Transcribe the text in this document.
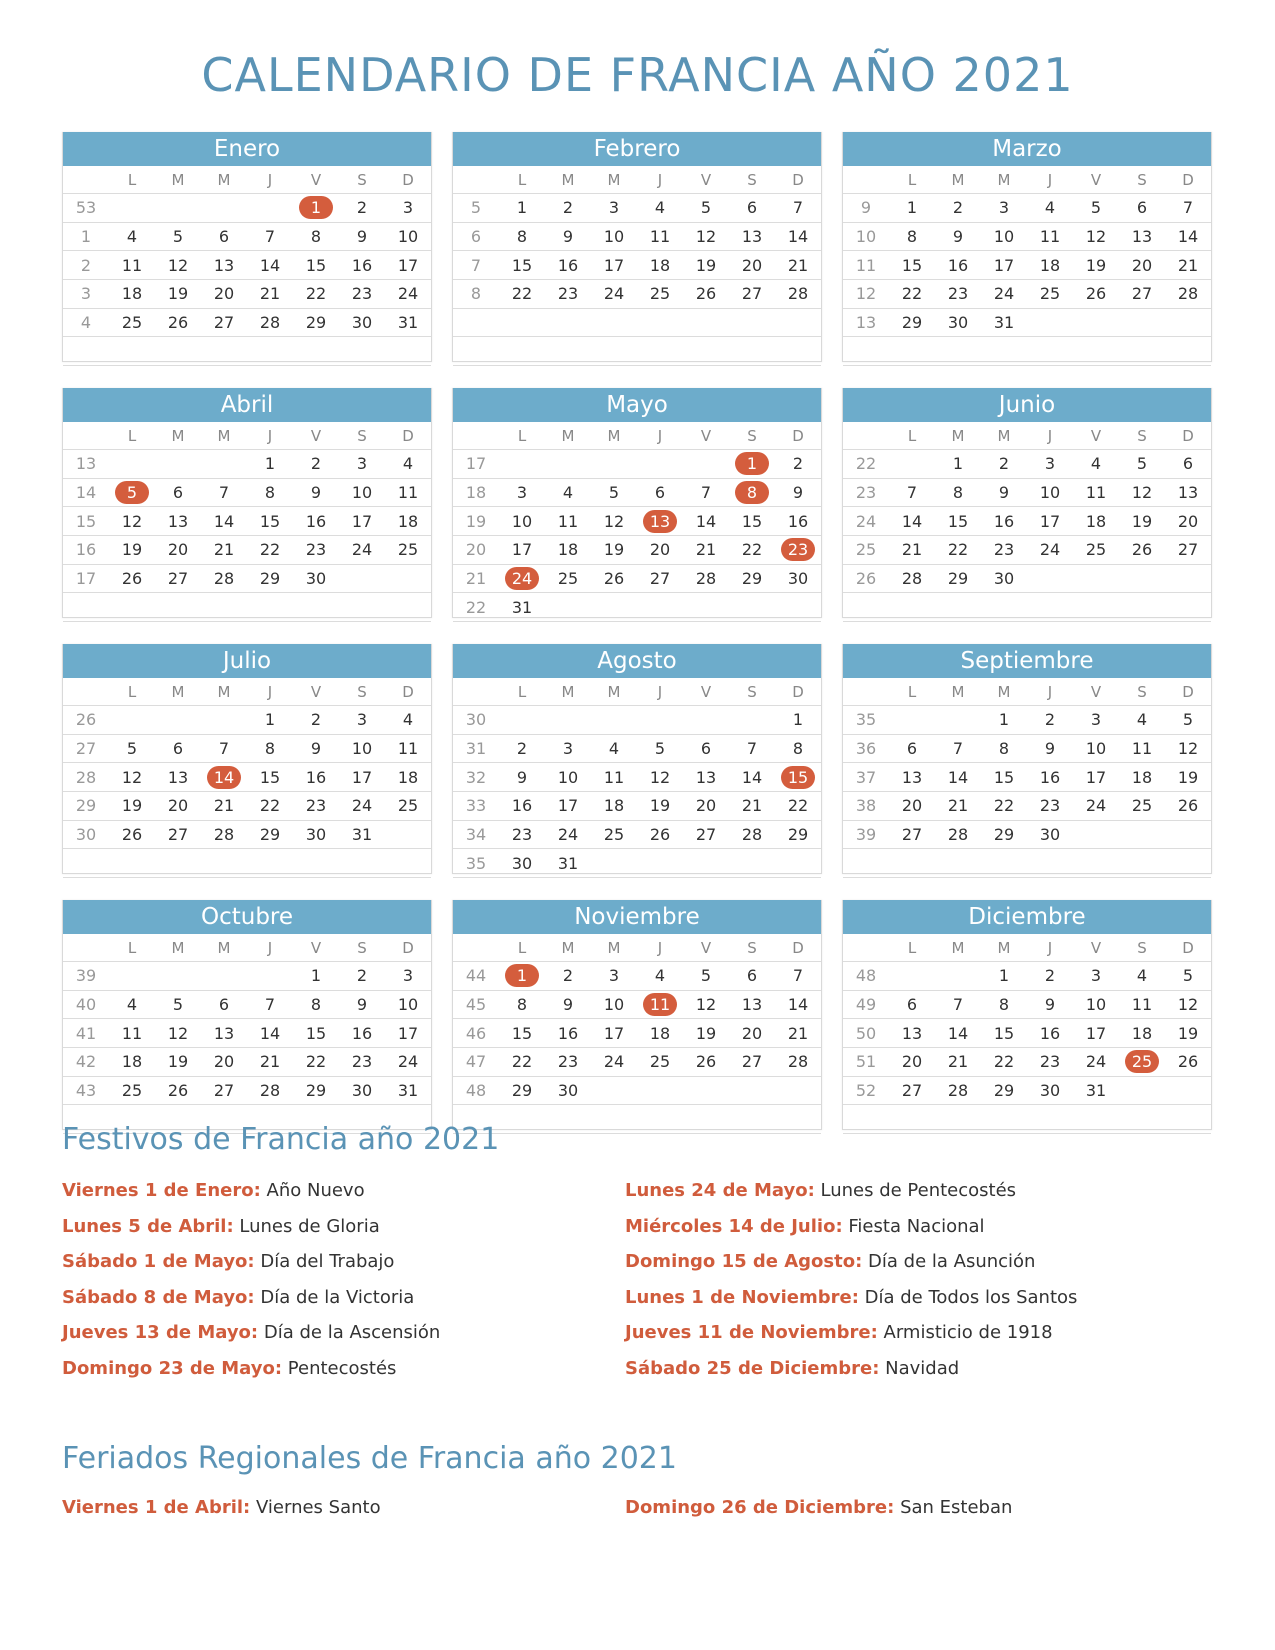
CALENDARIO DE FRANCIA AÑO 2021
Enero
	L	M	M	J	V	S	D
53					1	2	3
1	4	5	6	7	8	9	10
2	11	12	13	14	15	16	17
3	18	19	20	21	22	23	24
4	25	26	27	28	29	30	31

Febrero
	L	M	M	J	V	S	D
5	1	2	3	4	5	6	7
6	8	9	10	11	12	13	14
7	15	16	17	18	19	20	21
8	22	23	24	25	26	27	28

Marzo
	L	M	M	J	V	S	D
9	1	2	3	4	5	6	7
10	8	9	10	11	12	13	14
11	15	16	17	18	19	20	21
12	22	23	24	25	26	27	28
13	29	30	31				

Abril
	L	M	M	J	V	S	D
13				1	2	3	4
14	5	6	7	8	9	10	11
15	12	13	14	15	16	17	18
16	19	20	21	22	23	24	25
17	26	27	28	29	30		

Mayo
	L	M	M	J	V	S	D
17						1	2
18	3	4	5	6	7	8	9
19	10	11	12	13	14	15	16
20	17	18	19	20	21	22	23
21	24	25	26	27	28	29	30
22	31						
Junio
	L	M	M	J	V	S	D
22		1	2	3	4	5	6
23	7	8	9	10	11	12	13
24	14	15	16	17	18	19	20
25	21	22	23	24	25	26	27
26	28	29	30				

Julio
	L	M	M	J	V	S	D
26				1	2	3	4
27	5	6	7	8	9	10	11
28	12	13	14	15	16	17	18
29	19	20	21	22	23	24	25
30	26	27	28	29	30	31	

Agosto
	L	M	M	J	V	S	D
30							1
31	2	3	4	5	6	7	8
32	9	10	11	12	13	14	15
33	16	17	18	19	20	21	22
34	23	24	25	26	27	28	29
35	30	31					
Septiembre
	L	M	M	J	V	S	D
35			1	2	3	4	5
36	6	7	8	9	10	11	12
37	13	14	15	16	17	18	19
38	20	21	22	23	24	25	26
39	27	28	29	30			

Octubre
	L	M	M	J	V	S	D
39					1	2	3
40	4	5	6	7	8	9	10
41	11	12	13	14	15	16	17
42	18	19	20	21	22	23	24
43	25	26	27	28	29	30	31

Noviembre
	L	M	M	J	V	S	D
44	1	2	3	4	5	6	7
45	8	9	10	11	12	13	14
46	15	16	17	18	19	20	21
47	22	23	24	25	26	27	28
48	29	30					

Diciembre
	L	M	M	J	V	S	D
48			1	2	3	4	5
49	6	7	8	9	10	11	12
50	13	14	15	16	17	18	19
51	20	21	22	23	24	25	26
52	27	28	29	30	31		

Festivos de Francia año 2021
Viernes 1 de Enero: Año Nuevo
Lunes 5 de Abril: Lunes de Gloria
Sábado 1 de Mayo: Día del Trabajo
Sábado 8 de Mayo: Día de la Victoria
Jueves 13 de Mayo: Día de la Ascensión
Domingo 23 de Mayo: Pentecostés
Lunes 24 de Mayo: Lunes de Pentecostés
Miércoles 14 de Julio: Fiesta Nacional
Domingo 15 de Agosto: Día de la Asunción
Lunes 1 de Noviembre: Día de Todos los Santos
Jueves 11 de Noviembre: Armisticio de 1918
Sábado 25 de Diciembre: Navidad
Feriados Regionales de Francia año 2021
Viernes 1 de Abril: Viernes Santo	Domingo 26 de Diciembre: San Esteban
